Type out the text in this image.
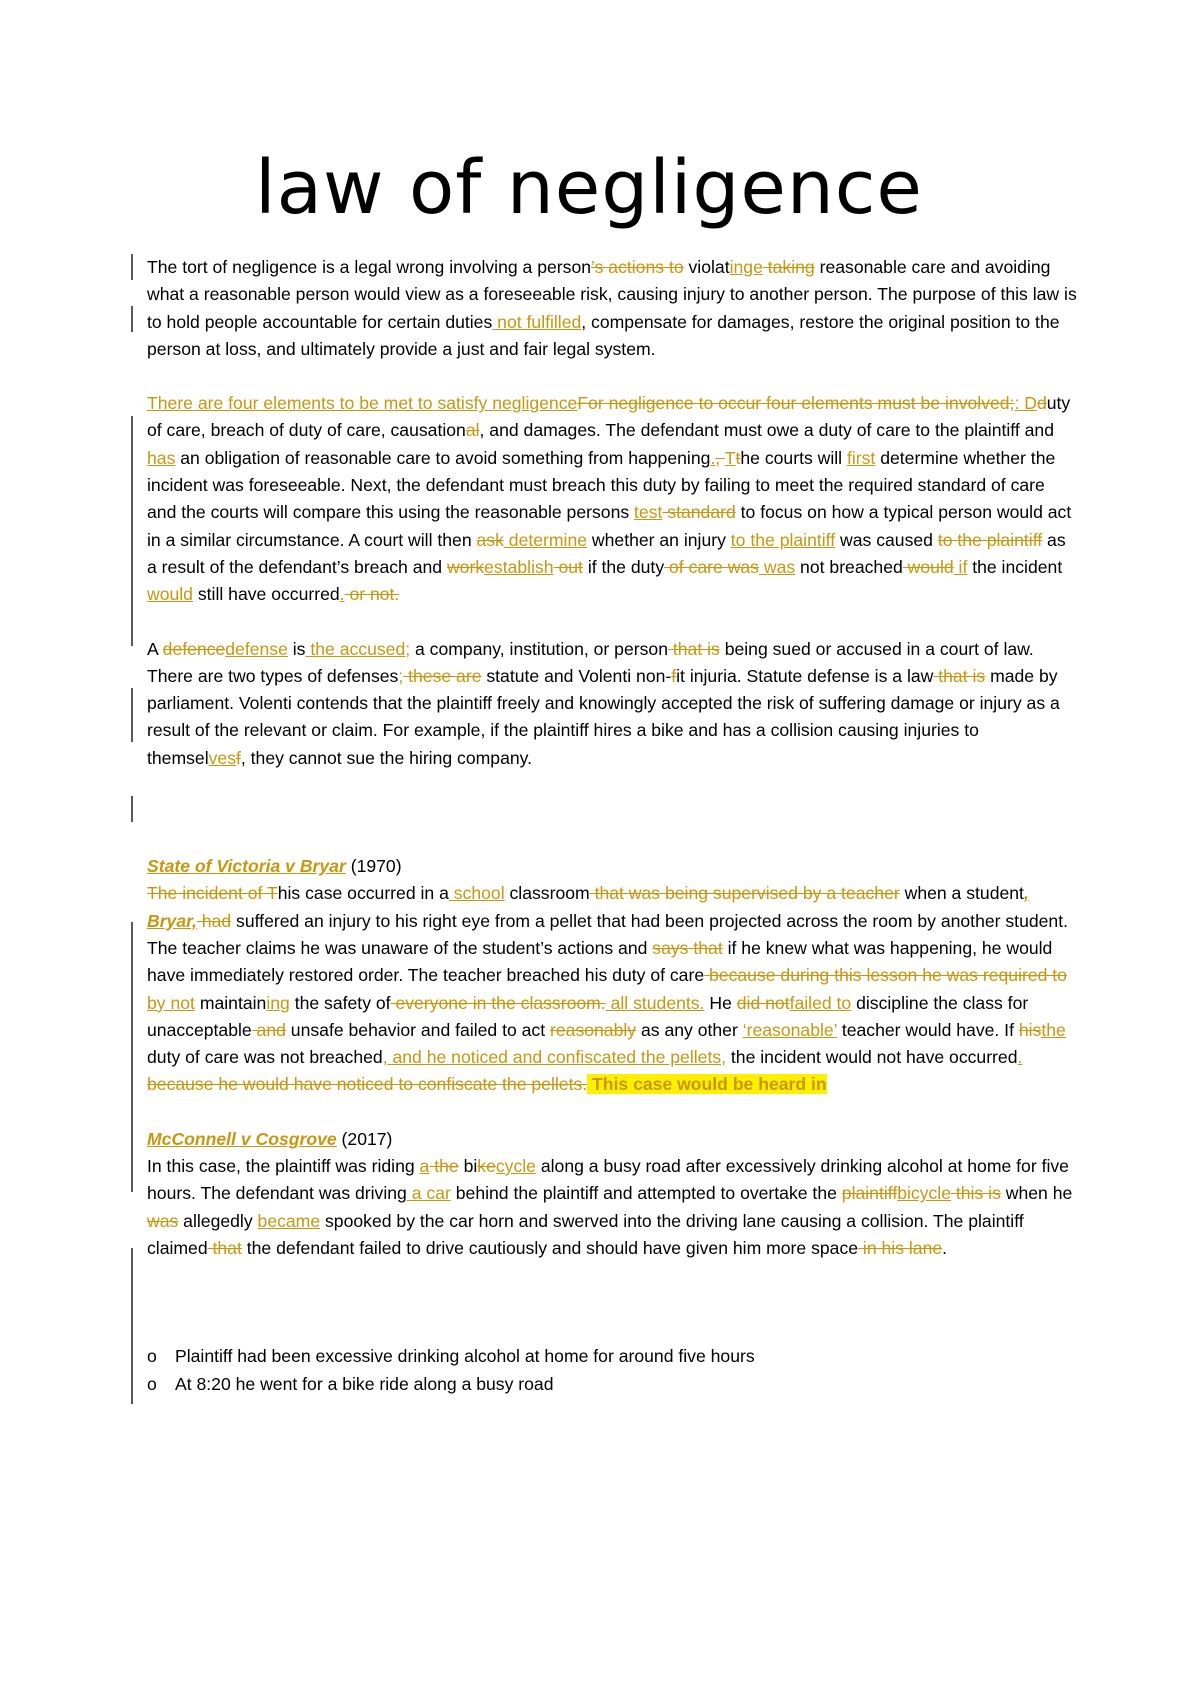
law of negligence

The tort of negligence is a legal wrong involving a person’s actions to violatinge taking reasonable care and avoiding what a reasonable person would view as a foreseeable risk, causing injury to another person. The purpose of this law is to hold people accountable for certain duties not fulfilled, compensate for damages, restore the original position to the person at loss, and ultimately provide a just and fair legal system.

There are four elements to be met to satisfy negligenceFor negligence to occur four elements must be involved;: Dduty of care, breach of duty of care, causational, and damages. The defendant must owe a duty of care to the plaintiff and has an obligation of reasonable care to avoid something from happening., Tthe courts will first determine whether the incident was foreseeable. Next, the defendant must breach this duty by failing to meet the required standard of care and the courts will compare this using the reasonable persons test standard to focus on how a typical person would act in a similar circumstance. A court will then ask determine whether an injury to the plaintiff was caused to the plaintiff as a result of the defendant’s breach and workestablish out if the duty of care was was not breached would if the incident would still have occurred. or not.

A defencedefense is the accused; a company, institution, or person that is being sued or accused in a court of law. There are two types of defenses; these are statute and Volenti non-fit injuria. Statute defense is a law that is made by parliament. Volenti contends that the plaintiff freely and knowingly accepted the risk of suffering damage or injury as a result of the relevant or claim. For example, if the plaintiff hires a bike and has a collision causing injuries to themselvesf, they cannot sue the hiring company.

State of Victoria v Bryar (1970)
The incident of This case occurred in a school classroom that was being supervised by a teacher when a student, Bryar, had suffered an injury to his right eye from a pellet that had been projected across the room by another student. The teacher claims he was unaware of the student’s actions and says that if he knew what was happening, he would have immediately restored order. The teacher breached his duty of care because during this lesson he was required to by not maintaining the safety of everyone in the classroom. all students. He did notfailed to discipline the class for unacceptable and unsafe behavior and failed to act reasonably as any other ‘reasonable’ teacher would have. If histhe duty of care was not breached, and he noticed and confiscated the pellets, the incident would not have occurred. because he would have noticed to confiscate the pellets. This case would be heard in

McConnell v Cosgrove (2017)
In this case, the plaintiff was riding a the bikecycle along a busy road after excessively drinking alcohol at home for five hours. The defendant was driving a car behind the plaintiff and attempted to overtake the plaintiffbicycle this is when he was allegedly became spooked by the car horn and swerved into the driving lane causing a collision. The plaintiff claimed that the defendant failed to drive cautiously and should have given him more space in his lane.

o Plaintiff had been excessive drinking alcohol at home for around five hours
o At 8:20 he went for a bike ride along a busy road
